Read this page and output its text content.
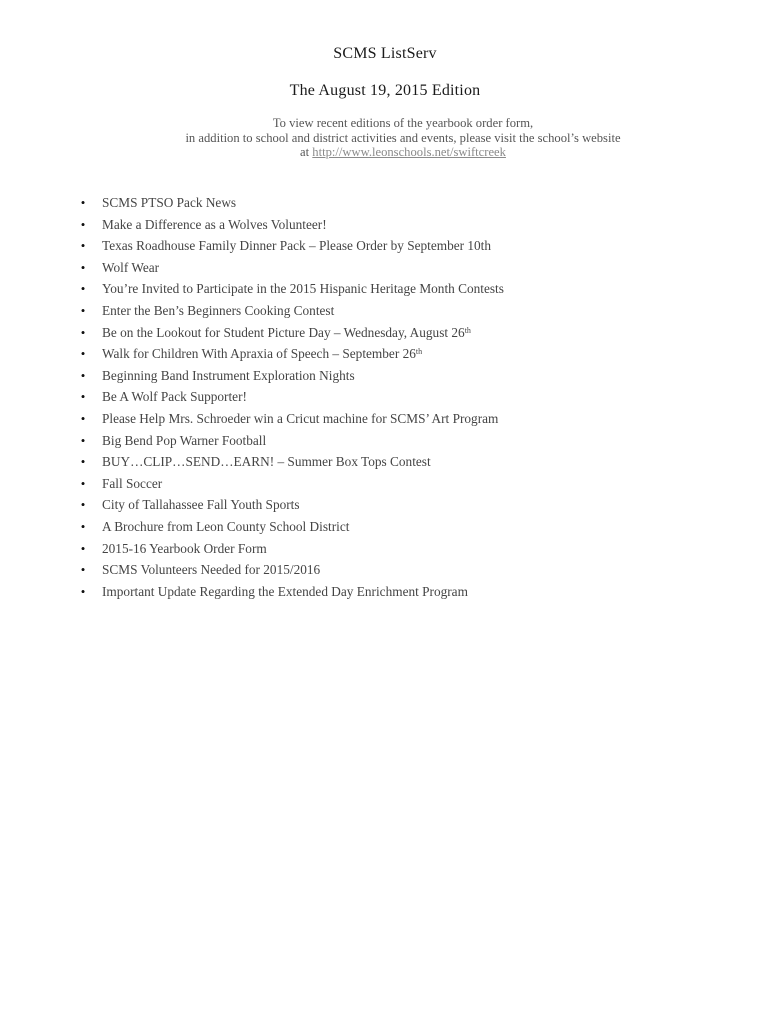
SCMS ListServ
The August 19, 2015 Edition
To view recent editions of the yearbook order form,
in addition to school and district activities and events, please visit the school’s website
at http://www.leonschools.net/swiftcreek
• SCMS PTSO Pack News
• Make a Difference as a Wolves Volunteer!
• Texas Roadhouse Family Dinner Pack – Please Order by September 10th
• Wolf Wear
• You’re Invited to Participate in the 2015 Hispanic Heritage Month Contests
• Enter the Ben’s Beginners Cooking Contest
• Be on the Lookout for Student Picture Day – Wednesday, August 26th
• Walk for Children With Apraxia of Speech – September 26th
• Beginning Band Instrument Exploration Nights
• Be A Wolf Pack Supporter!
• Please Help Mrs. Schroeder win a Cricut machine for SCMS’ Art Program
• Big Bend Pop Warner Football
• BUY…CLIP…SEND…EARN! – Summer Box Tops Contest
• Fall Soccer
• City of Tallahassee Fall Youth Sports
• A Brochure from Leon County School District
• 2015-16 Yearbook Order Form
• SCMS Volunteers Needed for 2015/2016
• Important Update Regarding the Extended Day Enrichment Program
